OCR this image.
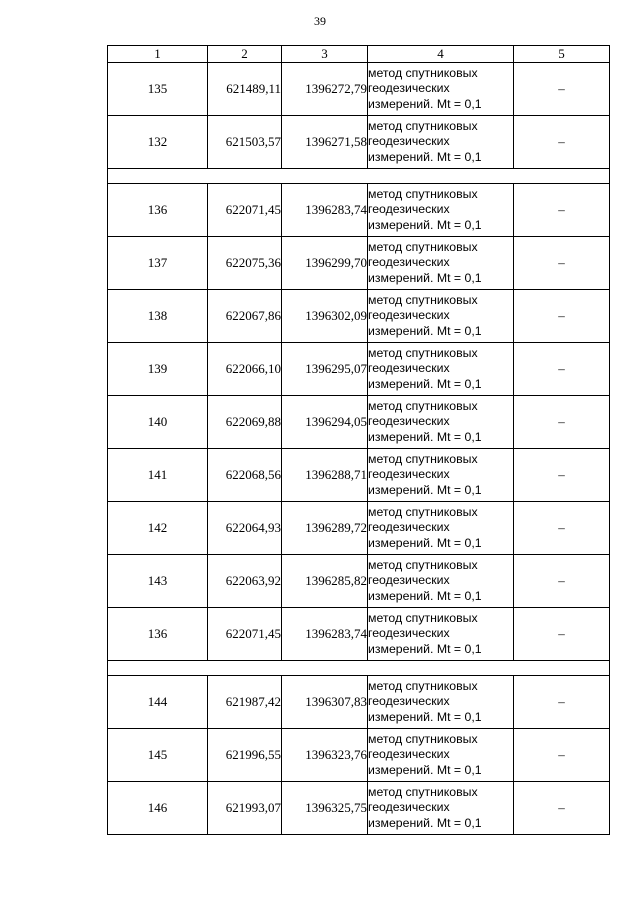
39
1	2	3	4	5
135	621489,11	1396272,79	метод спутниковых
геодезических
измерений. Mt = 0,1	–
132	621503,57	1396271,58	метод спутниковых
геодезических
измерений. Mt = 0,1	–

136	622071,45	1396283,74	метод спутниковых
геодезических
измерений. Mt = 0,1	–
137	622075,36	1396299,70	метод спутниковых
геодезических
измерений. Mt = 0,1	–
138	622067,86	1396302,09	метод спутниковых
геодезических
измерений. Mt = 0,1	–
139	622066,10	1396295,07	метод спутниковых
геодезических
измерений. Mt = 0,1	–
140	622069,88	1396294,05	метод спутниковых
геодезических
измерений. Mt = 0,1	–
141	622068,56	1396288,71	метод спутниковых
геодезических
измерений. Mt = 0,1	–
142	622064,93	1396289,72	метод спутниковых
геодезических
измерений. Mt = 0,1	–
143	622063,92	1396285,82	метод спутниковых
геодезических
измерений. Mt = 0,1	–
136	622071,45	1396283,74	метод спутниковых
геодезических
измерений. Mt = 0,1	–

144	621987,42	1396307,83	метод спутниковых
геодезических
измерений. Mt = 0,1	–
145	621996,55	1396323,76	метод спутниковых
геодезических
измерений. Mt = 0,1	–
146	621993,07	1396325,75	метод спутниковых
геодезических
измерений. Mt = 0,1	–
